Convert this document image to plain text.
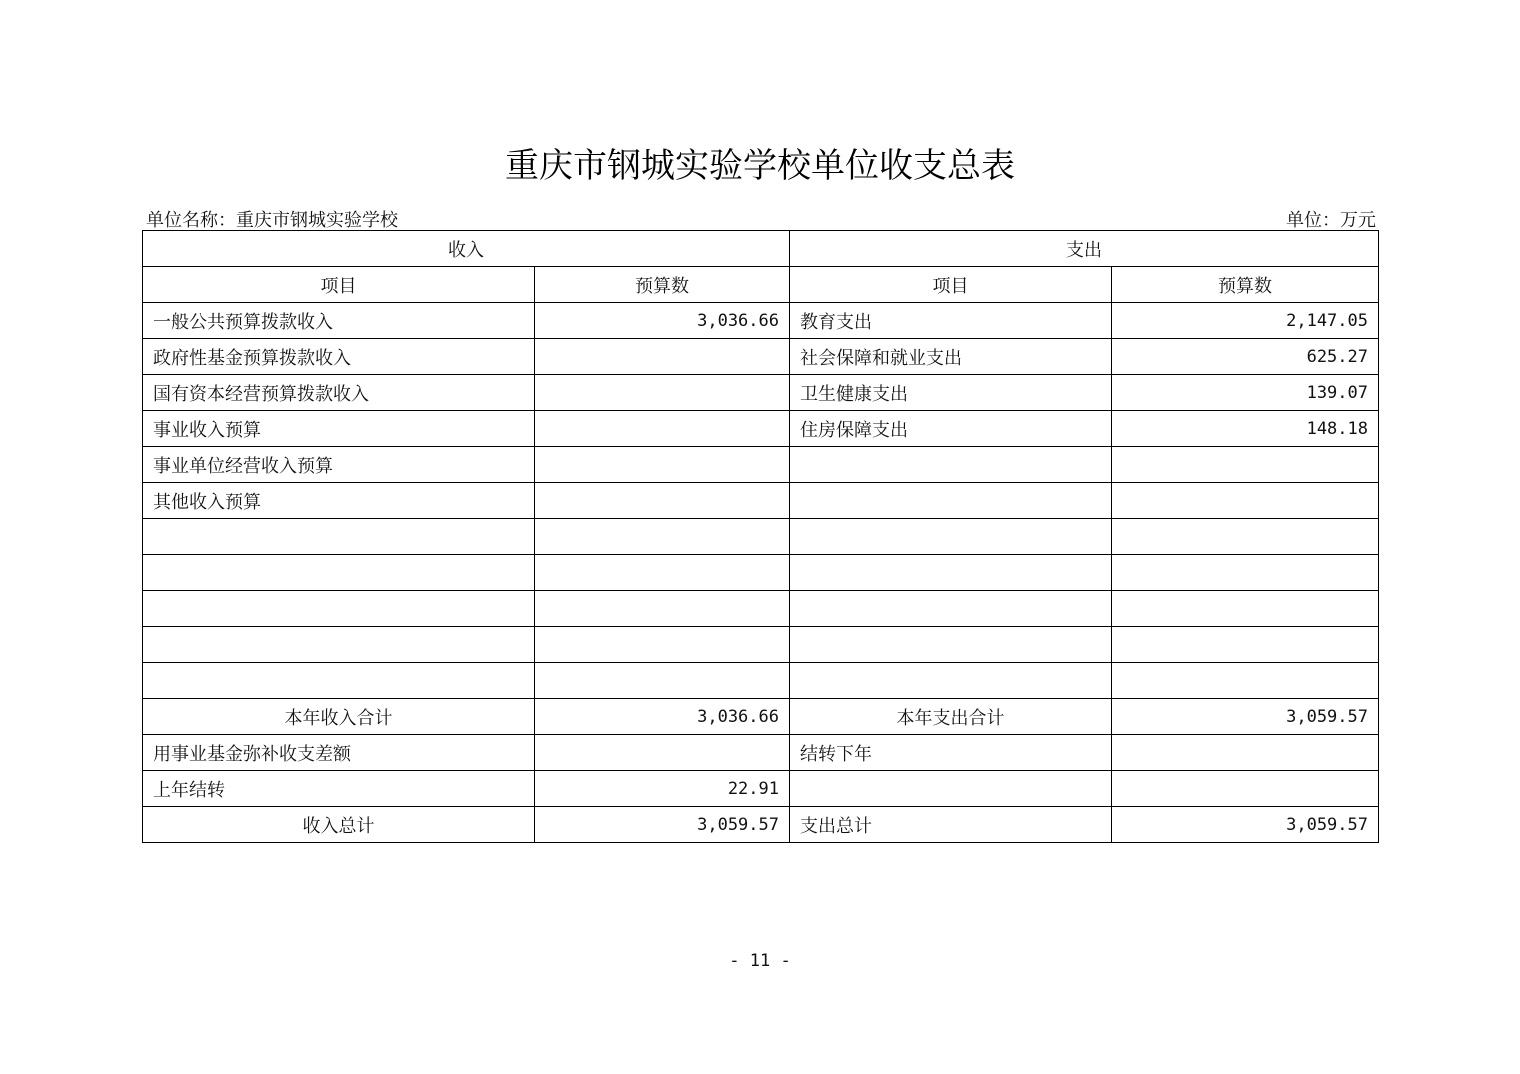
重庆市钢城实验学校单位收支总表
单位名称：重庆市钢城实验学校	单位：万元
收入		支出	
项目	预算数	项目	预算数
一般公共预算拨款收入	3,036.66	教育支出	2,147.05
政府性基金预算拨款收入		社会保障和就业支出	625.27
国有资本经营预算拨款收入		卫生健康支出	139.07
事业收入预算		住房保障支出	148.18
事业单位经营收入预算			
其他收入预算			

本年收入合计	3,036.66	本年支出合计	3,059.57
用事业基金弥补收支差额		结转下年	
上年结转	22.91		
收入总计	3,059.57	支出总计	3,059.57
- 11 -
